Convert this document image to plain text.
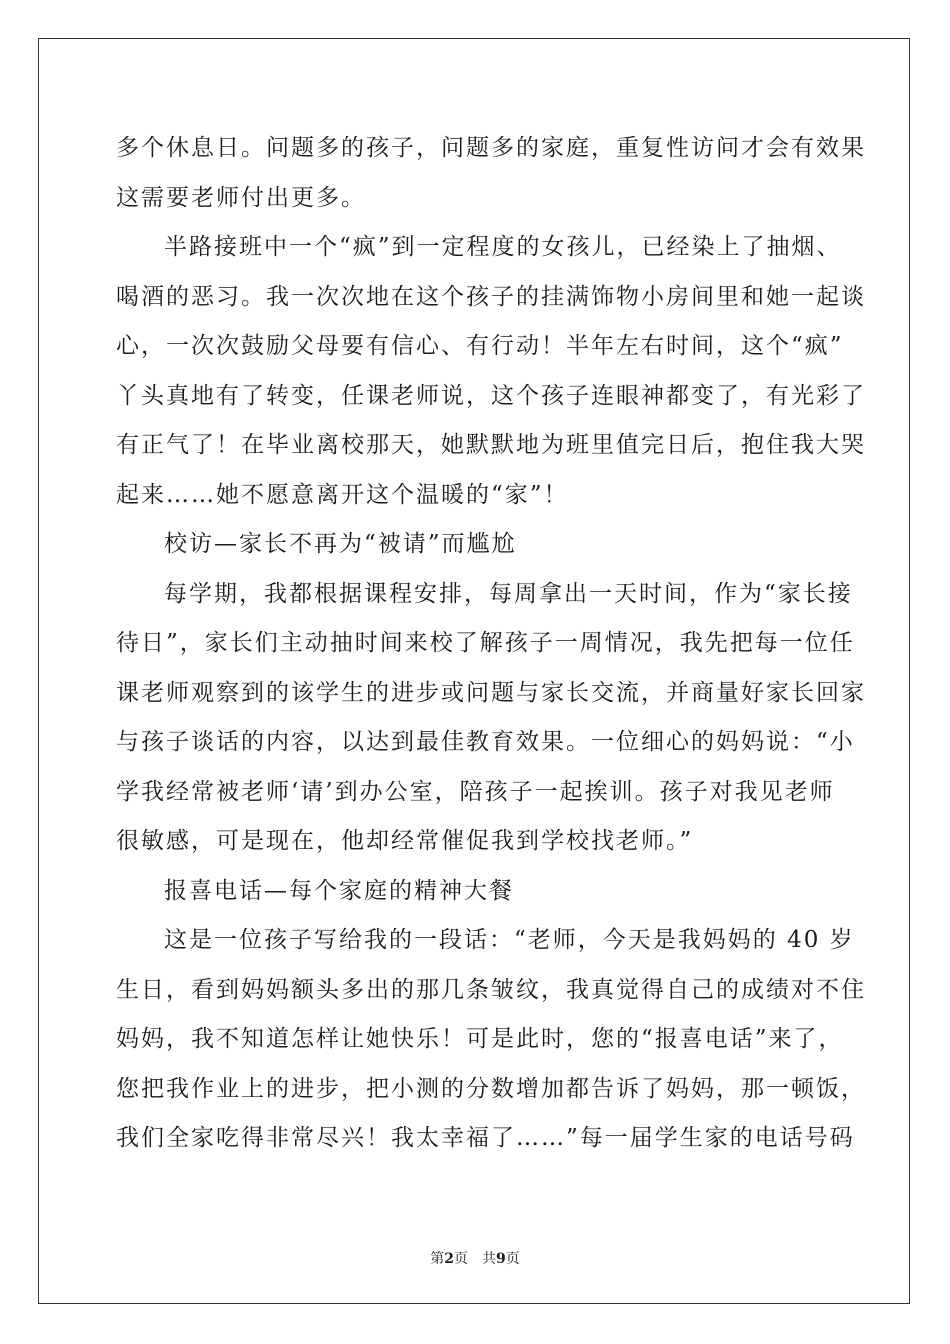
多个休息日。问题多的孩子，问题多的家庭，重复性访问才会有效果
这需要老师付出更多。
半路接班中一个“疯”到一定程度的女孩儿，已经染上了抽烟、
喝酒的恶习。我一次次地在这个孩子的挂满饰物小房间里和她一起谈
心，一次次鼓励父母要有信心、有行动！半年左右时间，这个“疯”
丫头真地有了转变，任课老师说，这个孩子连眼神都变了，有光彩了
有正气了！在毕业离校那天，她默默地为班里值完日后，抱住我大哭
起来……她不愿意离开这个温暖的“家”！
校访—家长不再为“被请”而尴尬
每学期，我都根据课程安排，每周拿出一天时间，作为“家长接
待日”，家长们主动抽时间来校了解孩子一周情况，我先把每一位任
课老师观察到的该学生的进步或问题与家长交流，并商量好家长回家
与孩子谈话的内容，以达到最佳教育效果。一位细心的妈妈说：“小
学我经常被老师‘请’到办公室，陪孩子一起挨训。孩子对我见老师
很敏感，可是现在，他却经常催促我到学校找老师。”
报喜电话—每个家庭的精神大餐
这是一位孩子写给我的一段话：“老师，今天是我妈妈的 40 岁
生日，看到妈妈额头多出的那几条皱纹，我真觉得自己的成绩对不住
妈妈，我不知道怎样让她快乐！可是此时，您的“报喜电话”来了，
您把我作业上的进步，把小测的分数增加都告诉了妈妈，那一顿饭，
我们全家吃得非常尽兴！我太幸福了……”每一届学生家的电话号码
第2页　共9页
